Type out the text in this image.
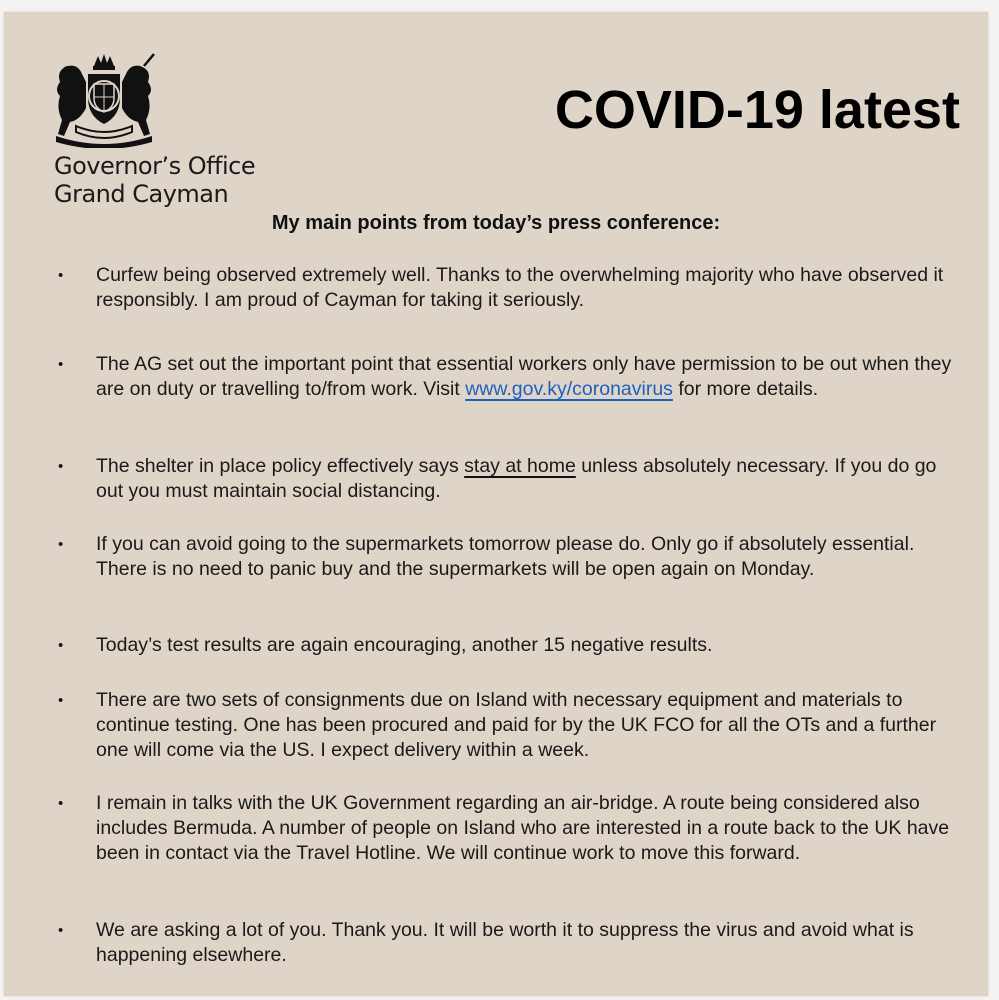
Governor’s Office
Grand Cayman
COVID-19 latest
My main points from today’s press conference:
• Curfew being observed extremely well. Thanks to the overwhelming majority who have observed it responsibly. I am proud of Cayman for taking it seriously.
• The AG set out the important point that essential workers only have permission to be out when they are on duty or travelling to/from work. Visit www.gov.ky/coronavirus for more details.
• The shelter in place policy effectively says stay at home unless absolutely necessary. If you do go out you must maintain social distancing.
• If you can avoid going to the supermarkets tomorrow please do. Only go if absolutely essential. There is no need to panic buy and the supermarkets will be open again on Monday.
• Today’s test results are again encouraging, another 15 negative results.
• There are two sets of consignments due on Island with necessary equipment and materials to continue testing. One has been procured and paid for by the UK FCO for all the OTs and a further one will come via the US. I expect delivery within a week.
• I remain in talks with the UK Government regarding an air-bridge. A route being considered also includes Bermuda. A number of people on Island who are interested in a route back to the UK have been in contact via the Travel Hotline. We will continue work to move this forward.
• We are asking a lot of you. Thank you. It will be worth it to suppress the virus and avoid what is happening elsewhere.
